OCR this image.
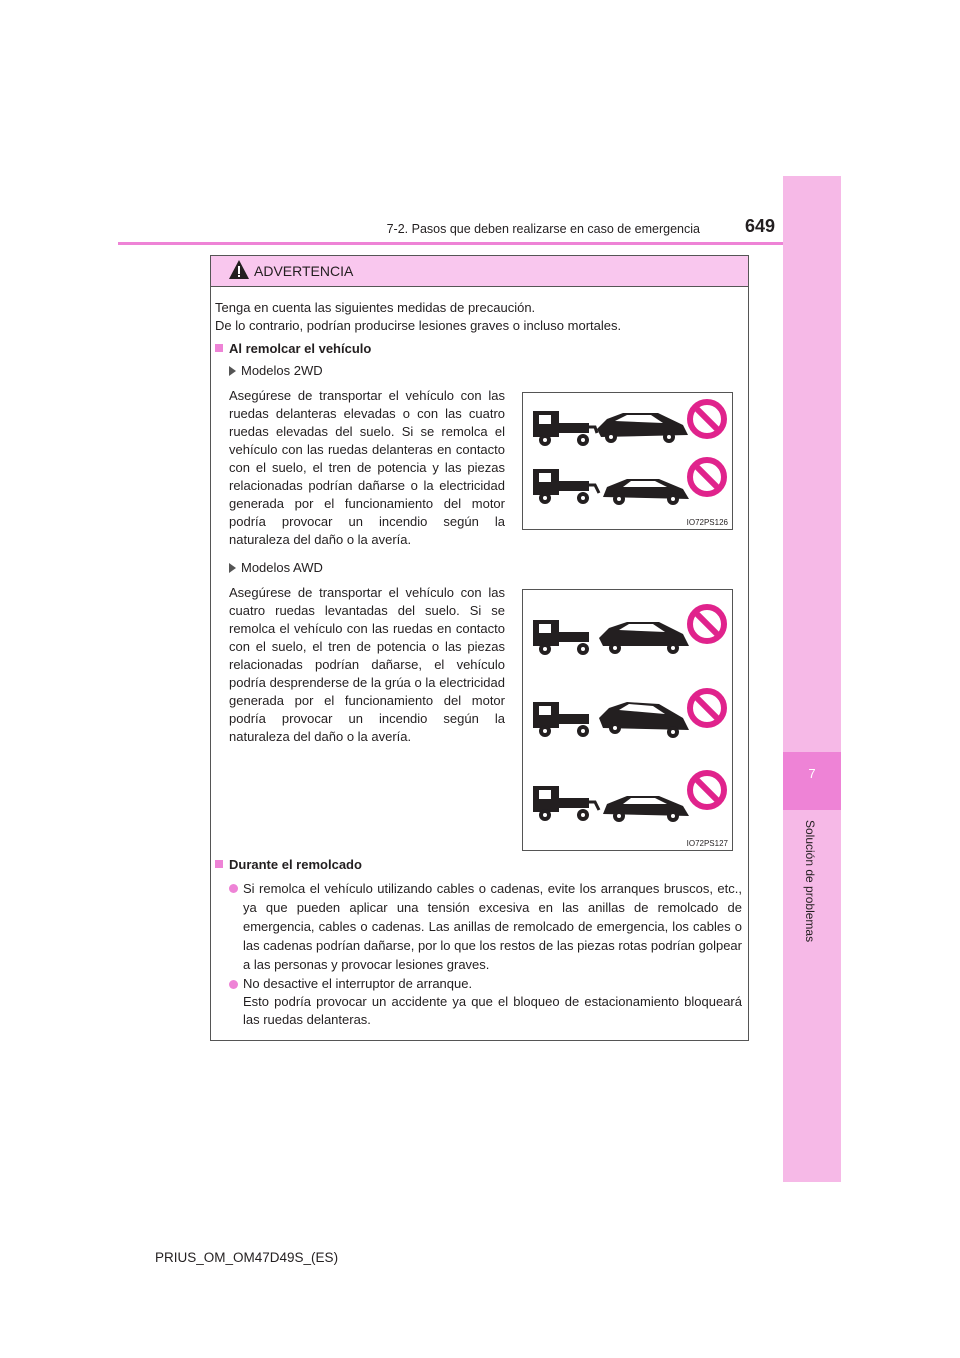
7
Solución de problemas
7-2. Pasos que deben realizarse en caso de emergencia	649
ADVERTENCIA
Tenga en cuenta las siguientes medidas de precaución.
De lo contrario, podrían producirse lesiones graves o incluso mortales.
Al remolcar el vehículo
Modelos 2WD
Asegúrese de transportar el vehículo con las ruedas delanteras elevadas o con las cuatro ruedas elevadas del suelo. Si se remolca el vehículo con las ruedas delanteras en contacto con el suelo, el tren de potencia y las piezas relacionadas podrían dañarse o la electricidad generada por el funcionamiento del motor podría provocar un incendio según la naturaleza del daño o la avería.
IO72PS126
Modelos AWD
Asegúrese de transportar el vehículo con las cuatro ruedas levantadas del suelo. Si se remolca el vehículo con las ruedas en contacto con el suelo, el tren de potencia o las piezas relacionadas podrían dañarse, el vehículo podría desprenderse de la grúa o la electricidad generada por el funcionamiento del motor podría provocar un incendio según la naturaleza del daño o la avería.
IO72PS127
Durante el remolcado
Si remolca el vehículo utilizando cables o cadenas, evite los arranques bruscos, etc., ya que pueden aplicar una tensión excesiva en las anillas de remolcado de emergencia, cables o cadenas. Las anillas de remolcado de emergencia, los cables o las cadenas podrían dañarse, por lo que los restos de las piezas rotas podrían golpear a las personas y provocar lesiones graves.
No desactive el interruptor de arranque.
Esto podría provocar un accidente ya que el bloqueo de estacionamiento bloqueará las ruedas delanteras.
PRIUS_OM_OM47D49S_(ES)
